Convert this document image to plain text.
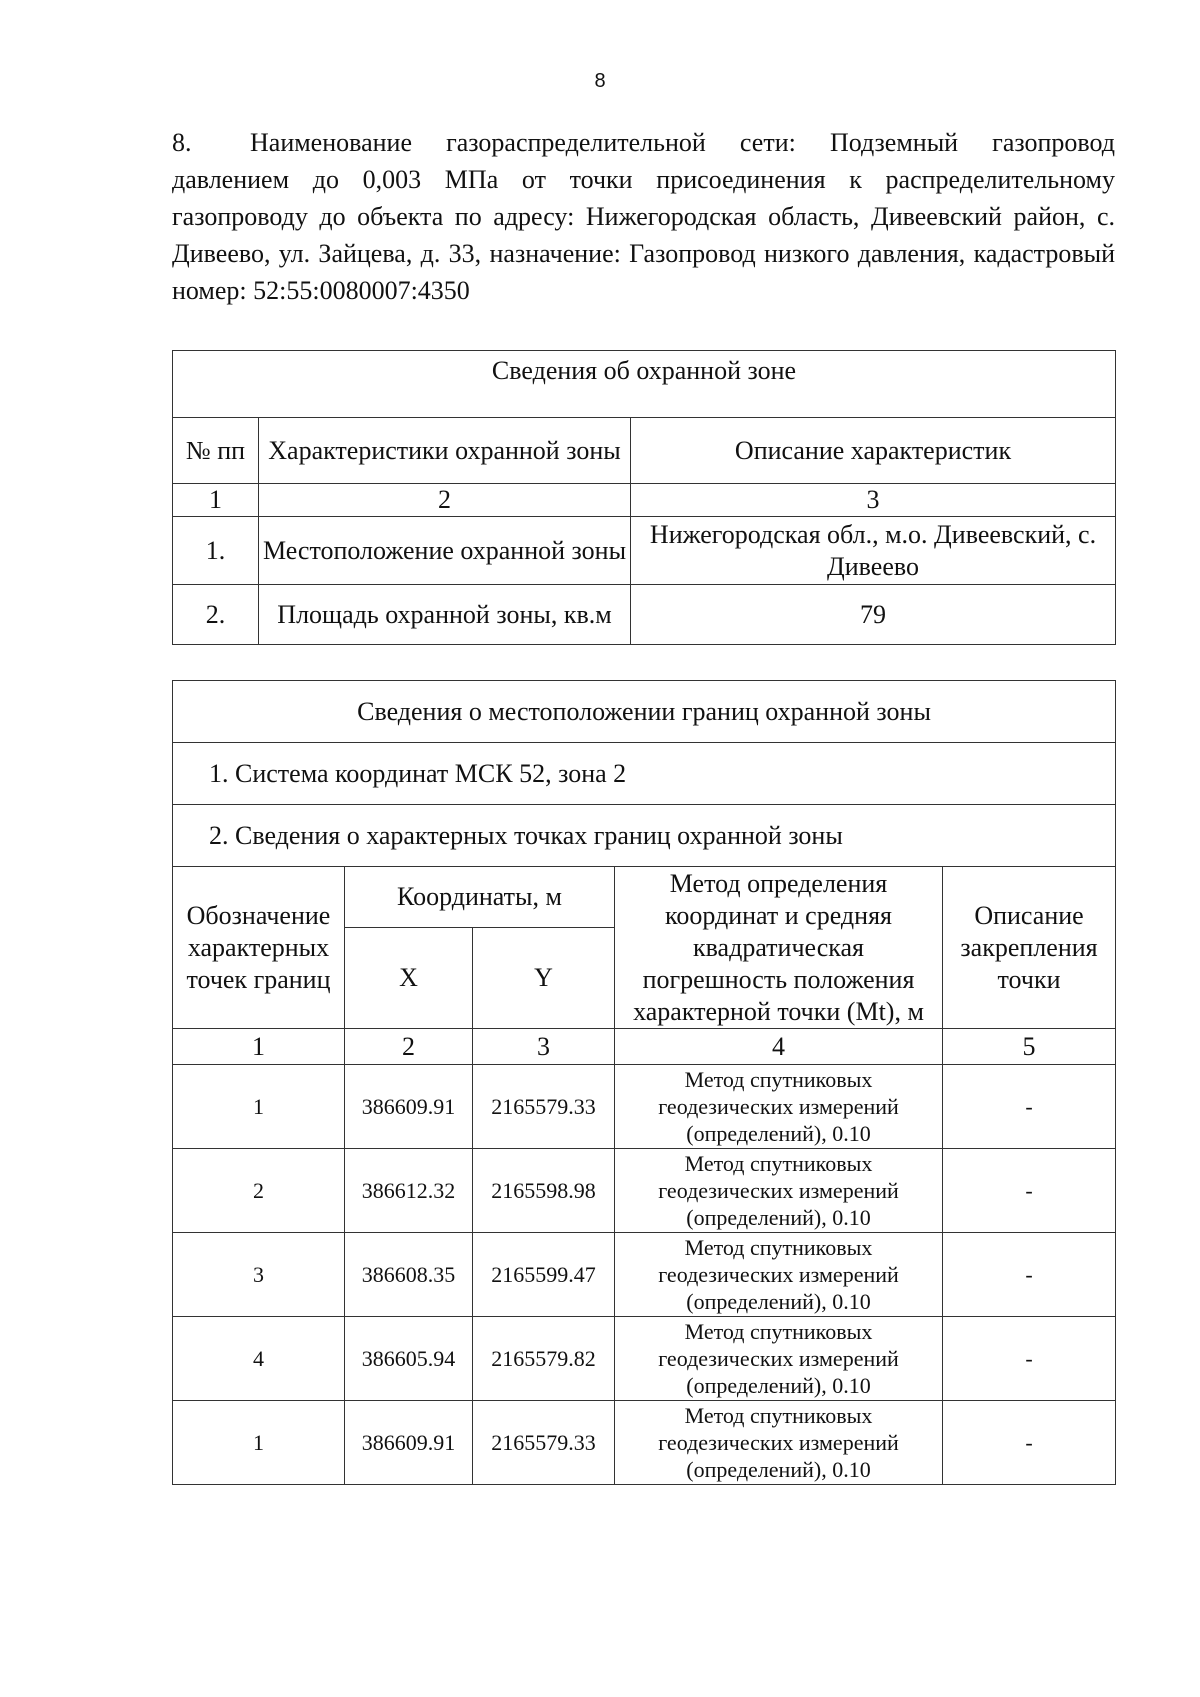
8

8. Наименование газораспределительной сети: Подземный газопровод давлением до 0,003 МПа от точки присоединения к распределительному газопроводу до объекта по адресу: Нижегородская область, Дивеевский район, с. Дивеево, ул. Зайцева, д. 33, назначение: Газопровод низкого давления, кадастровый номер: 52:55:0080007:4350

Сведения об охранной зоне		
№ пп	Характеристики охранной зоны	Описание характеристик
1	2	3
1.	Местоположение охранной зоны	Нижегородская обл., м.о. Дивеевский, с. Дивеево
2.	Площадь охранной зоны, кв.м	79
Сведения о местоположении границ охранной зоны				
1. Система координат МСК 52, зона 2				
2. Сведения о характерных точках границ охранной зоны				
Обозначение характерных точек границ	Координаты, м		Метод определения координат и средняя квадратическая погрешность положения характерной точки (Mt), м	Описание закрепления точки
	X	Y		
1	2	3	4	5
1	386609.91	2165579.33	Метод спутниковых геодезических измерений (определений), 0.10	-
2	386612.32	2165598.98	Метод спутниковых геодезических измерений (определений), 0.10	-
3	386608.35	2165599.47	Метод спутниковых геодезических измерений (определений), 0.10	-
4	386605.94	2165579.82	Метод спутниковых геодезических измерений (определений), 0.10	-
1	386609.91	2165579.33	Метод спутниковых геодезических измерений (определений), 0.10	-
